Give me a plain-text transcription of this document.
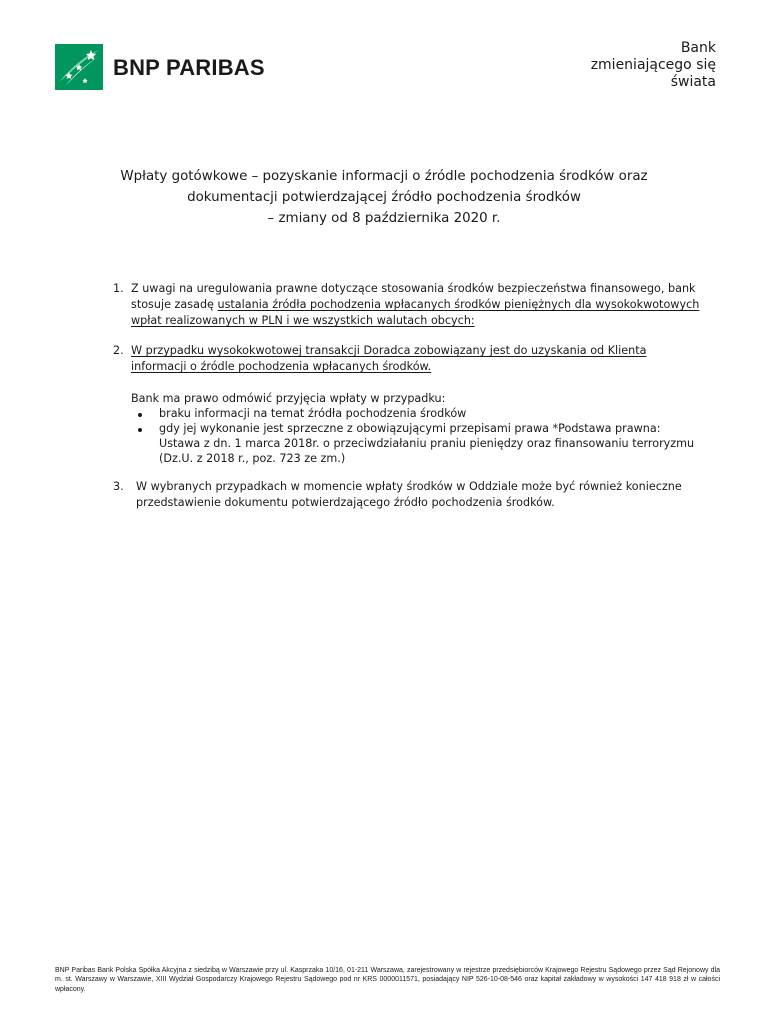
BNP PARIBAS
Bank
zmieniającego się
świata
Wpłaty gotówkowe – pozyskanie informacji o źródle pochodzenia środków oraz
dokumentacji potwierdzającej źródło pochodzenia środków
– zmiany od 8 października 2020 r.
1. Z uwagi na uregulowania prawne dotyczące stosowania środków bezpieczeństwa finansowego, bank
stosuje zasadę ustalania źródła pochodzenia wpłacanych środków pieniężnych dla wysokokwotowych
wpłat realizowanych w PLN i we wszystkich walutach obcych:
2. W przypadku wysokokwotowej transakcji Doradca zobowiązany jest do uzyskania od Klienta
informacji o źródle pochodzenia wpłacanych środków.
Bank ma prawo odmówić przyjęcia wpłaty w przypadku:
braku informacji na temat źródła pochodzenia środków
gdy jej wykonanie jest sprzeczne z obowiązującymi przepisami prawa *Podstawa prawna:
Ustawa z dn. 1 marca 2018r. o przeciwdziałaniu praniu pieniędzy oraz finansowaniu terroryzmu
(Dz.U. z 2018 r., poz. 723 ze zm.)
3. W wybranych przypadkach w momencie wpłaty środków w Oddziale może być również konieczne
przedstawienie dokumentu potwierdzającego źródło pochodzenia środków.
BNP Paribas Bank Polska Spółka Akcyjna z siedzibą w Warszawie przy ul. Kasprzaka 10/16, 01-211 Warszawa, zarejestrowany w rejestrze przedsiębiorców Krajowego Rejestru Sądowego przez Sąd Rejonowy dla m. st. Warszawy w Warszawie, XIII Wydział Gospodarczy Krajowego Rejestru Sądowego pod nr KRS 0000011571, posiadający NIP 526-10-08-546 oraz kapitał zakładowy w wysokości 147 418 918 zł w całości wpłacony.
